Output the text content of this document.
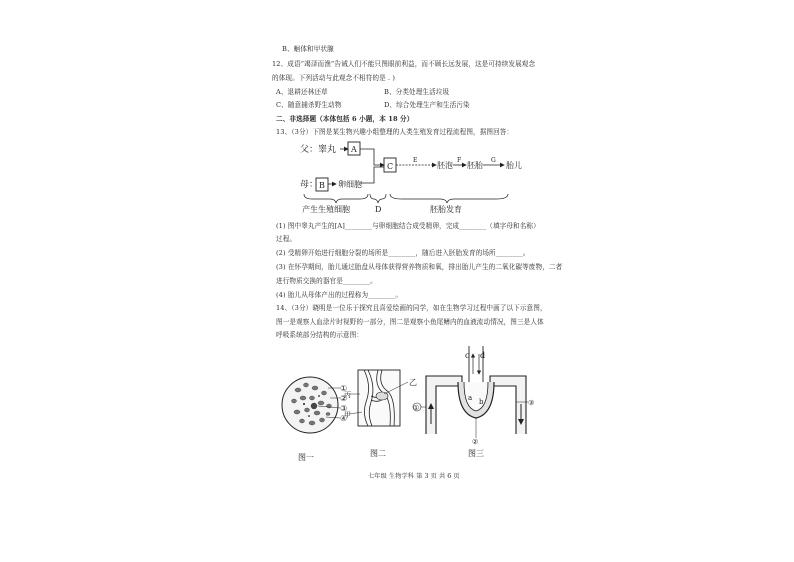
B、蛔体和甲状腺
12、成语“竭泽而渔”告诫人们不能只图眼前利益，而不顾长远发展，这是可持续发展观念
的体现。下列活动与此观念不相符的是 . )
A、退耕还林还草	B、分类处理生活垃圾
C、随意捕杀野生动物	D、综合处理生产和生活污染
二、非选择题（本体包括 6 小题，本 18 分）
13、（3分）下图是某生物兴趣小组整理的人类生殖发育过程流程图，据图回答：
父：睾丸 A
C
E
胚泡
F
胚胎
G
胎儿
母： B 卵细胞
产生生殖细胞	D	胚胎发育
(1) 图中睾丸产生的[A]________与卵细胞结合成受精卵，完成________（填字母和名称）
过程。
(2) 受精卵开始进行细胞分裂的场所是________，随后进入胚胎发育的场所________。
(3) 在怀孕期间，胎儿通过胎盘从母体获得营养物质和氧，排出胎儿产生的二氧化碳等废物，二者
进行物质交换的器官是________。
(4) 胎儿从母体产出的过程称为________。
14、（3分）晓明是一位乐于探究且喜爱绘画的同学，如在生物学习过程中画了以下示意图，
图一是观察人血涂片时视野的一部分，图二是观察小鱼尾鳍内的血液流动情况，图三是人体
呼吸系统部分结构的示意图：
①
②
③
④
图一
乙
丙
甲
图二
c d
a b
①
②
③
图三
七年级 生物学科 第 3 页 共 6 页
